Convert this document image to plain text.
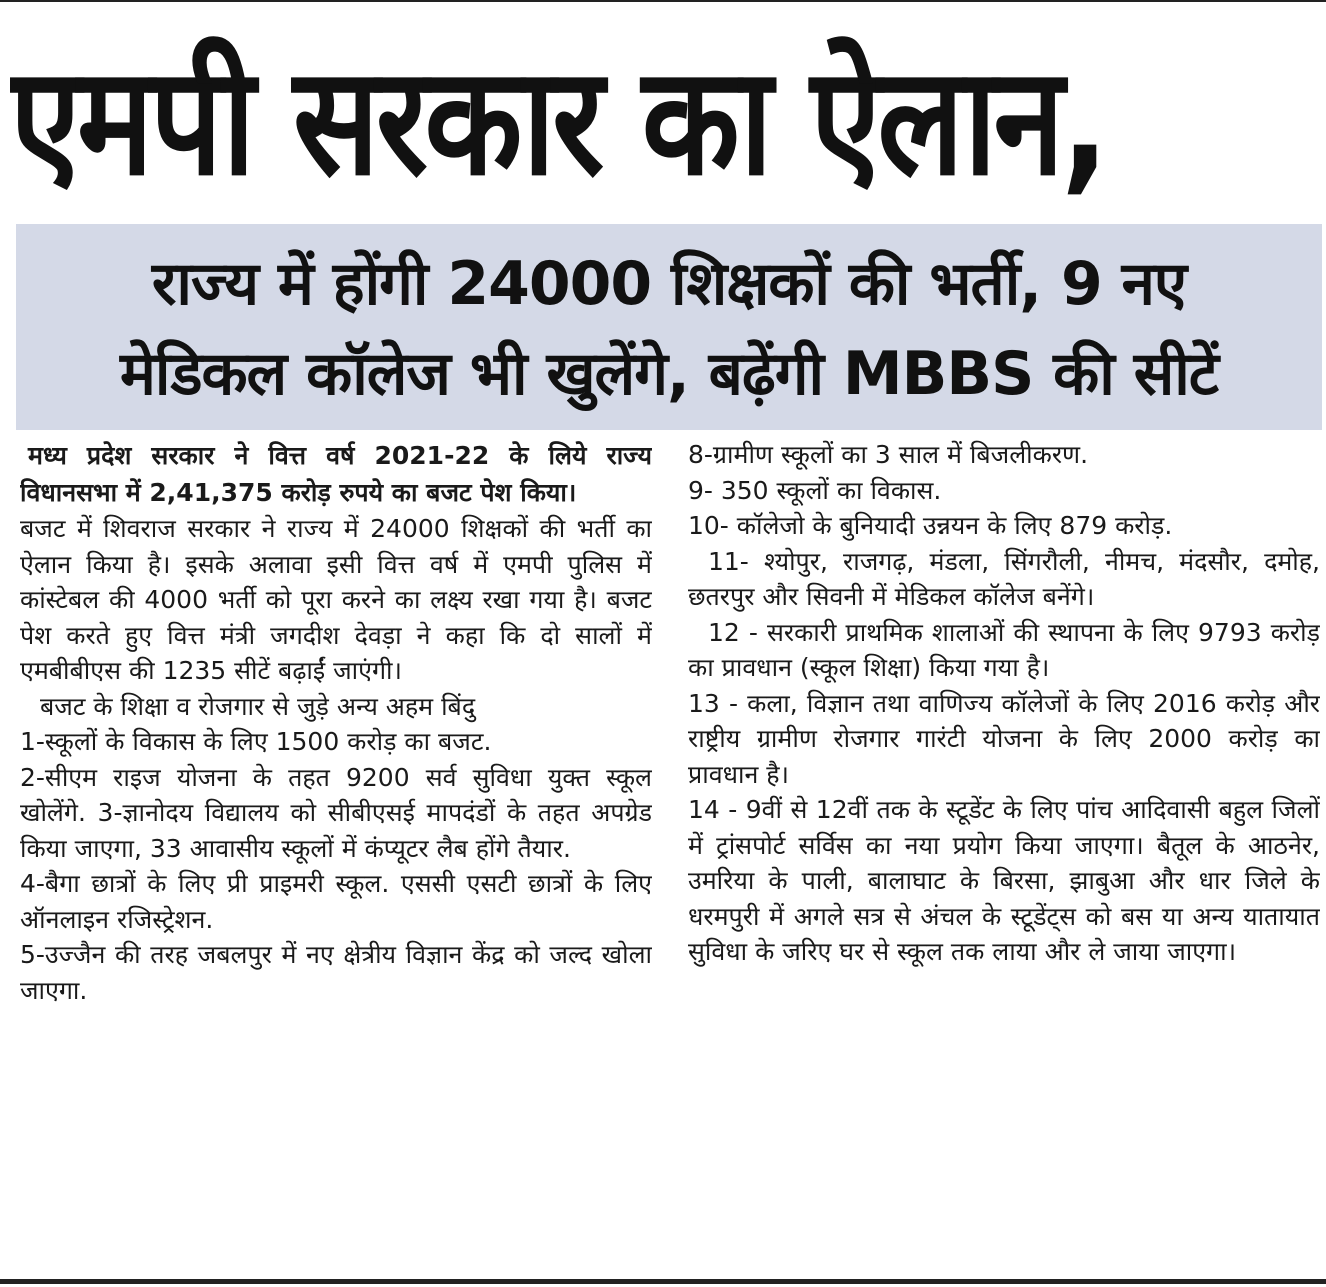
एमपी सरकार का ऐलान,
राज्य में होंगी 24000 शिक्षकों की भर्ती, 9 नए
मेडिकल कॉलेज भी खुलेंगे, बढ़ेंगी MBBS की सीटें

मध्य प्रदेश सरकार ने वित्त वर्ष 2021-22 के लिये राज्य विधानसभा में 2,41,375 करोड़ रुपये का बजट पेश किया।

बजट में शिवराज सरकार ने राज्य में 24000 शिक्षकों की भर्ती का ऐलान किया है। इसके अलावा इसी वित्त वर्ष में एमपी पुलिस में कांस्टेबल की 4000 भर्ती को पूरा करने का लक्ष्य रखा गया है। बजट पेश करते हुए वित्त मंत्री जगदीश देवड़ा ने कहा कि दो सालों में एमबीबीएस की 1235 सीटें बढ़ाईं जाएंगी।

बजट के शिक्षा व रोजगार से जुड़े अन्य अहम बिंदु

1-स्कूलों के विकास के लिए 1500 करोड़ का बजट.

2-सीएम राइज योजना के तहत 9200 सर्व सुविधा युक्त स्कूल खोलेंगे. 3-ज्ञानोदय विद्यालय को सीबीएसई मापदंडों के तहत अपग्रेड किया जाएगा, 33 आवासीय स्कूलों में कंप्यूटर लैब होंगे तैयार.

4-बैगा छात्रों के लिए प्री प्राइमरी स्कूल. एससी एसटी छात्रों के लिए ऑनलाइन रजिस्ट्रेशन.

5-उज्जैन की तरह जबलपुर में नए क्षेत्रीय विज्ञान केंद्र को जल्द खोला जाएगा.

8-ग्रामीण स्कूलों का 3 साल में बिजलीकरण.

9- 350 स्कूलों का विकास.

10- कॉलेजो के बुनियादी उन्नयन के लिए 879 करोड़.

11- श्योपुर, राजगढ़, मंडला, सिंगरौली, नीमच, मंदसौर, दमोह, छतरपुर और सिवनी में मेडिकल कॉलेज बनेंगे।

12 - सरकारी प्राथमिक शालाओं की स्थापना के लिए 9793 करोड़ का प्रावधान (स्कूल शिक्षा) किया गया है।

13 - कला, विज्ञान तथा वाणिज्य कॉलेजों के लिए 2016 करोड़ और राष्ट्रीय ग्रामीण रोजगार गारंटी योजना के लिए 2000 करोड़ का प्रावधान है।

14 - 9वीं से 12वीं तक के स्टूडेंट के लिए पांच आदिवासी बहुल जिलों में ट्रांसपोर्ट सर्विस का नया प्रयोग किया जाएगा। बैतूल के आठनेर, उमरिया के पाली, बालाघाट के बिरसा, झाबुआ और धार जिले के धरमपुरी में अगले सत्र से अंचल के स्टूडेंट्स को बस या अन्य यातायात सुविधा के जरिए घर से स्कूल तक लाया और ले जाया जाएगा।
